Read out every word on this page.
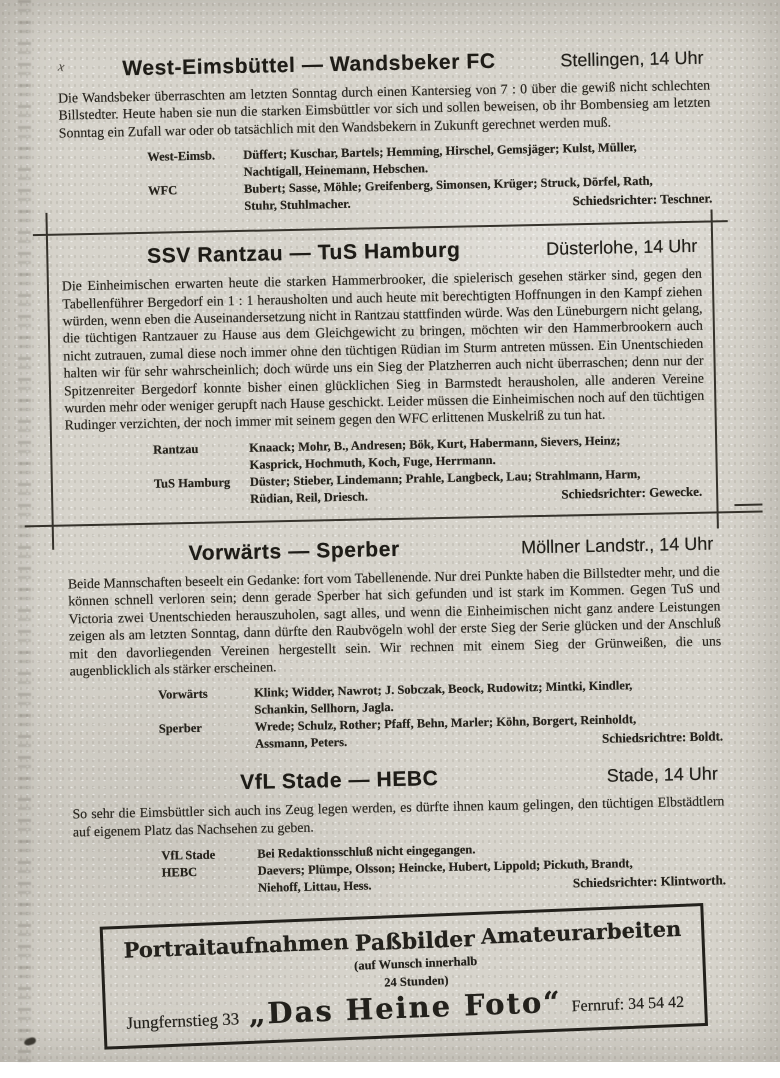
x	West-Eimsbüttel — Wandsbeker FC	Stellingen, 14 Uhr

Die Wandsbeker überraschten am letzten Sonntag durch einen Kantersieg von 7 : 0 über die gewiß nicht schlechten Billstedter. Heute haben sie nun die starken Eimsbüttler vor sich und sollen beweisen, ob ihr Bombensieg am letzten Sonntag ein Zufall war oder ob tatsächlich mit den Wandsbekern in Zukunft gerechnet werden muß.

West-Eimsb.	Düffert; Kuschar, Bartels; Hemming, Hirschel, Gemsjäger; Kulst, Müller, Nachtigall, Heinemann, Hebschen.
WFC	Bubert; Sasse, Möhle; Greifenberg, Simonsen, Krüger; Struck, Dörfel, Rath, Stuhr, Stuhlmacher.	Schiedsrichter: Teschner.
SSV Rantzau — TuS Hamburg	Düsterlohe, 14 Uhr

Die Einheimischen erwarten heute die starken Hammerbrooker, die spielerisch gesehen stärker sind, gegen den Tabellenführer Bergedorf ein 1 : 1 herausholten und auch heute mit berechtigten Hoffnungen in den Kampf ziehen würden, wenn eben die Auseinandersetzung nicht in Rantzau stattfinden würde. Was den Lüneburgern nicht gelang, die tüchtigen Rantzauer zu Hause aus dem Gleichgewicht zu bringen, möchten wir den Hammerbrookern auch nicht zutrauen, zumal diese noch immer ohne den tüchtigen Rüdian im Sturm antreten müssen. Ein Unentschieden halten wir für sehr wahrscheinlich; doch würde uns ein Sieg der Platzherren auch nicht überraschen; denn nur der Spitzenreiter Bergedorf konnte bisher einen glücklichen Sieg in Barmstedt herausholen, alle anderen Vereine wurden mehr oder weniger gerupft nach Hause geschickt. Leider müssen die Einheimischen noch auf den tüchtigen Rudinger verzichten, der noch immer mit seinem gegen den WFC erlittenen Muskelriß zu tun hat.

Rantzau	Knaack; Mohr, B., Andresen; Bök, Kurt, Habermann, Sievers, Heinz; Kasprick, Hochmuth, Koch, Fuge, Herrmann.
TuS Hamburg	Düster; Stieber, Lindemann; Prahle, Langbeck, Lau; Strahlmann, Harm, Rüdian, Reil, Driesch.	Schiedsrichter: Gewecke.
Vorwärts — Sperber	Möllner Landstr., 14 Uhr

Beide Mannschaften beseelt ein Gedanke: fort vom Tabellenende. Nur drei Punkte haben die Billstedter mehr, und die können schnell verloren sein; denn gerade Sperber hat sich gefunden und ist stark im Kommen. Gegen TuS und Victoria zwei Unentschieden herauszuholen, sagt alles, und wenn die Einheimischen nicht ganz andere Leistungen zeigen als am letzten Sonntag, dann dürfte den Raubvögeln wohl der erste Sieg der Serie glücken und der Anschluß mit den davorliegenden Vereinen hergestellt sein. Wir rechnen mit einem Sieg der Grünweißen, die uns augenblicklich als stärker erscheinen.

Vorwärts	Klink; Widder, Nawrot; J. Sobczak, Beock, Rudowitz; Mintki, Kindler, Schankin, Sellhorn, Jagla.
Sperber	Wrede; Schulz, Rother; Pfaff, Behn, Marler; Köhn, Borgert, Reinholdt, Assmann, Peters.	Schiedsrichtre: Boldt.
VfL Stade — HEBC	Stade, 14 Uhr

So sehr die Eimsbüttler sich auch ins Zeug legen werden, es dürfte ihnen kaum gelingen, den tüchtigen Elbstädtlern auf eigenem Platz das Nachsehen zu geben.

VfL Stade	Bei Redaktionsschluß nicht eingegangen.
HEBC	Daevers; Plümpe, Olsson; Heincke, Hubert, Lippold; Pickuth, Brandt, Niehoff, Littau, Hess.	Schiedsrichter: Klintworth.
Portraitaufnahmen Paßbilder
(auf Wunsch innerhalb 24 Stunden)
Amateurarbeiten
Jungfernstieg 33 „Das Heine Foto“ Fernruf: 34 54 42
